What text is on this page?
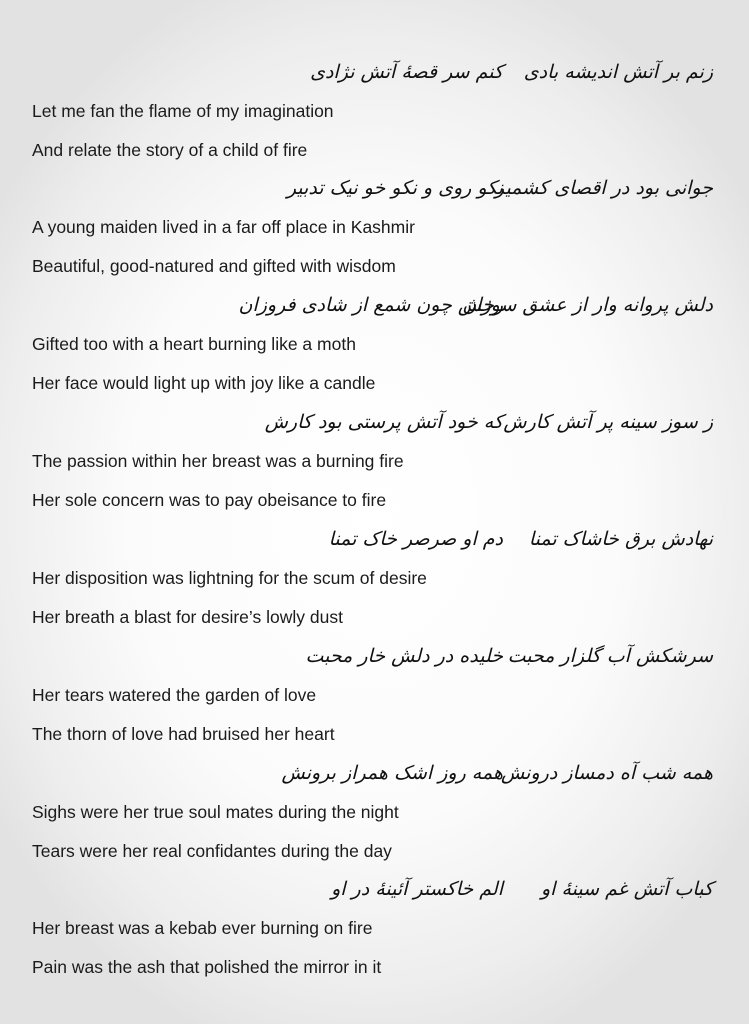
زنم بر آتش اندیشه بادی
کنم سر قصهٔ آتش نژادی
Let me fan the flame of my imagination
And relate the story of a child of fire
جوانی بود در اقصای کشمیر
نکو روی و نکو خو نیک تدبیر
A young maiden lived in a far off place in Kashmir
Beautiful, good-natured and gifted with wisdom
دلش پروانه وار از عشق سوزان
رخش چون شمع از شادی فروزان
Gifted too with a heart burning like a moth
Her face would light up with joy like a candle
ز سوز سینه پر آتش کارش
که خود آتش پرستی بود کارش
The passion within her breast was a burning fire
Her sole concern was to pay obeisance to fire
نهادش برق خاشاک تمنا
دم او صرصر خاک تمنا
Her disposition was lightning for the scum of desire
Her breath a blast for desire’s lowly dust
سرشکش آب گلزار محبت
خلیده در دلش خار محبت
Her tears watered the garden of love
The thorn of love had bruised her heart
همه شب آه دمساز درونش
همه روز اشک همراز برونش
Sighs were her true soul mates during the night
Tears were her real confidantes during the day
کباب آتش غم سینهٔ او
الم خاکستر آئینهٔ در او
Her breast was a kebab ever burning on fire
Pain was the ash that polished the mirror in it
